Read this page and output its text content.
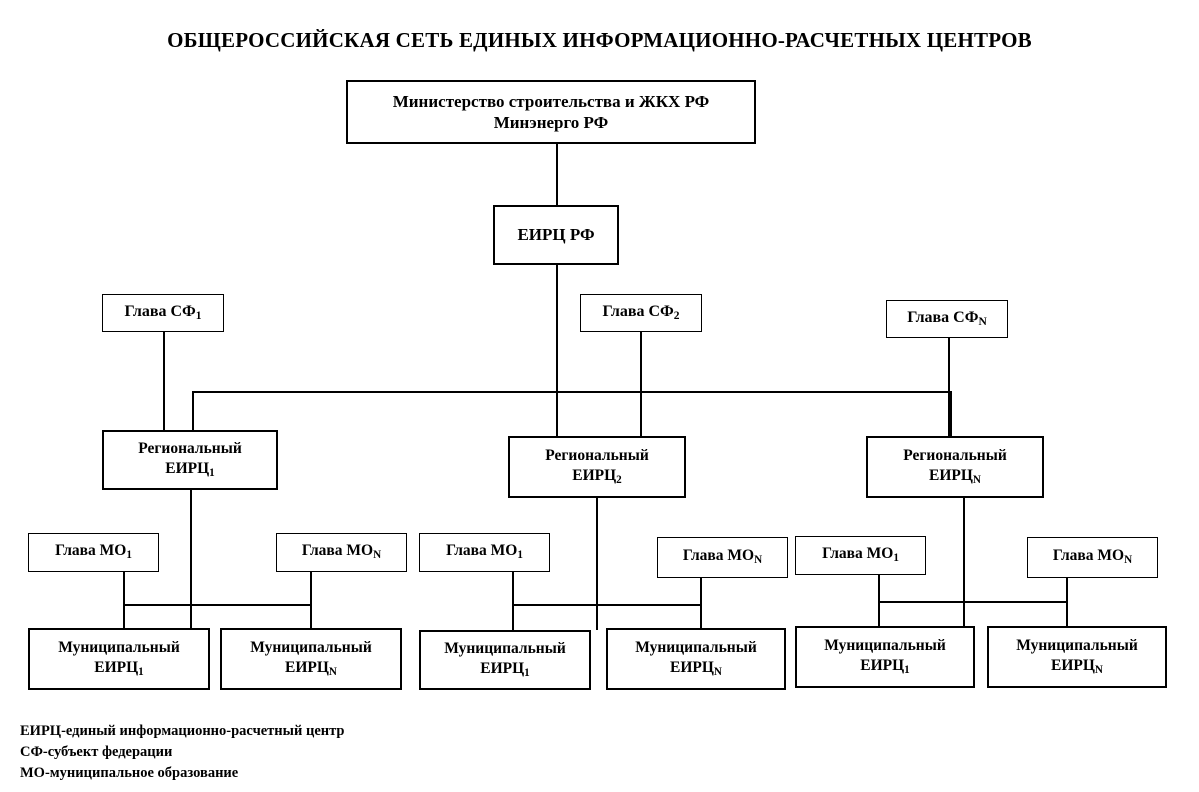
ОБЩЕРОССИЙСКАЯ СЕТЬ ЕДИНЫХ ИНФОРМАЦИОННО-РАСЧЕТНЫХ ЦЕНТРОВ
Министерство строительства и ЖКХ РФ
Минэнерго РФ
ЕИРЦ РФ
Глава $СФ_1$	Глава $СФ_2$	Глава $СФ_N$
Региональный
$ЕИРЦ_1$
Региональный
$ЕИРЦ_2$
Региональный
$ЕИРЦ_N$
Глава $МО_1$	Глава $МО_N$	Глава $МО_1$	Глава $МО_N$	Глава $МО_1$	Глава $МО_N$
Муниципальный
$ЕИРЦ_1$
Муниципальный
$ЕИРЦ_N$
Муниципальный
$ЕИРЦ_1$
Муниципальный
$ЕИРЦ_N$
Муниципальный
$ЕИРЦ_1$
Муниципальный
$ЕИРЦ_N$
ЕИРЦ-единый информационно-расчетный центр
СФ-субъект федерации
МО-муниципальное образование
